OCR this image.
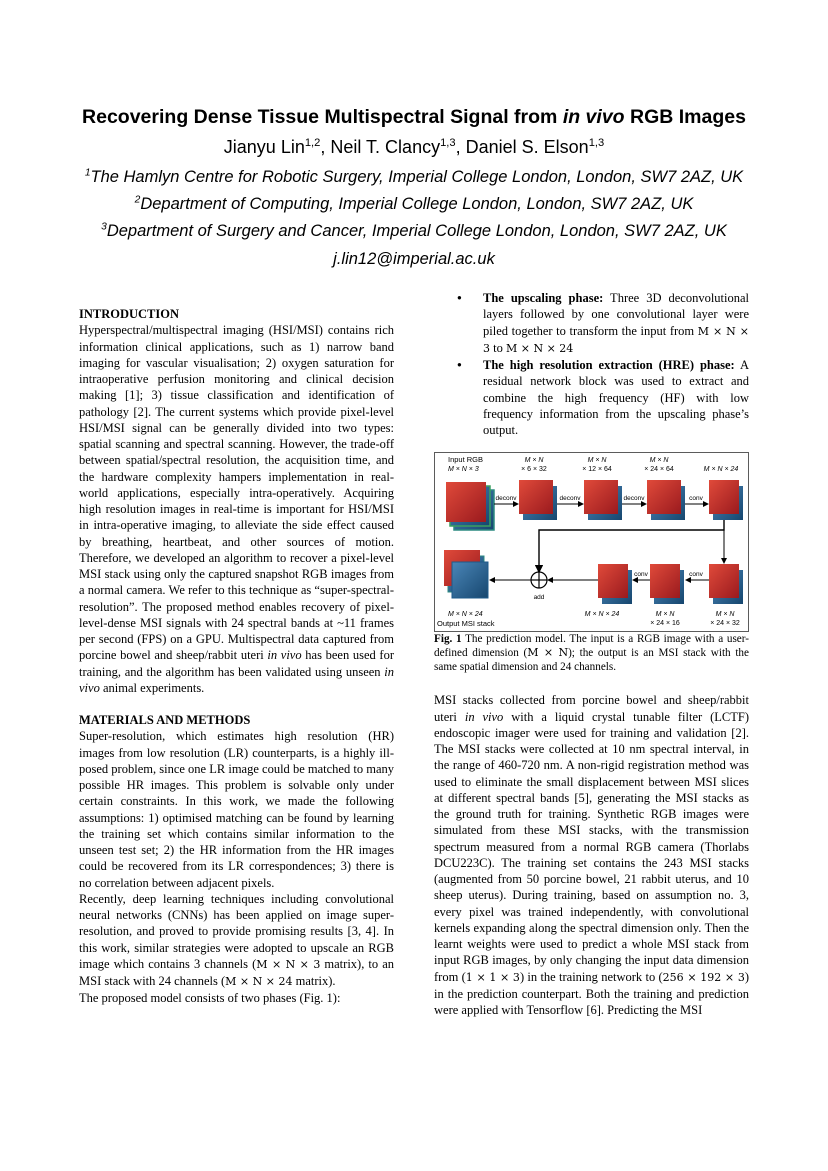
Recovering Dense Tissue Multispectral Signal from in vivo RGB Images
Jianyu Lin$^{1,2}$, Neil T. Clancy$^{1,3}$, Daniel S. Elson$^{1,3}$
$^1$The Hamlyn Centre for Robotic Surgery, Imperial College London, London, SW7 2AZ, UK
$^2$Department of Computing, Imperial College London, London, SW7 2AZ, UK
$^3$Department of Surgery and Cancer, Imperial College London, London, SW7 2AZ, UK
j.lin12@imperial.ac.uk
INTRODUCTION

Hyperspectral/multispectral imaging (HSI/MSI) contains rich information clinical applications, such as 1) narrow band imaging for vascular visualisation; 2) oxygen saturation for intraoperative perfusion monitoring and clinical decision making [1]; 3) tissue classification and identification of pathology [2]. The current systems which provide pixel-level HSI/MSI signal can be generally divided into two types: spatial scanning and spectral scanning. However, the trade-off between spatial/spectral resolution, the acquisition time, and the hardware complexity hampers implementation in real-world applications, especially intra-operatively. Acquiring high resolution images in real-time is important for HSI/MSI in intra-operative imaging, to alleviate the side effect caused by breathing, heartbeat, and other sources of motion. Therefore, we developed an algorithm to recover a pixel-level MSI stack using only the captured snapshot RGB images from a normal camera. We refer to this technique as “super-spectral-resolution”. The proposed method enables recovery of pixel-level-dense MSI signals with 24 spectral bands at ~11 frames per second (FPS) on a GPU. Multispectral data captured from porcine bowel and sheep/rabbit uteri in vivo has been used for training, and the algorithm has been validated using unseen in vivo animal experiments.

MATERIALS AND METHODS

Super-resolution, which estimates high resolution (HR) images from low resolution (LR) counterparts, is a highly ill-posed problem, since one LR image could be matched to many possible HR images. This problem is solvable only under certain constraints. In this work, we made the following assumptions: 1) optimised matching can be found by learning the training set which contains similar information to the unseen test set; 2) the HR information from the HR images could be recovered from its LR correspondences; 3) there is no correlation between adjacent pixels.

Recently, deep learning techniques including convolutional neural networks (CNNs) has been applied on image super-resolution, and proved to provide promising results [3, 4]. In this work, similar strategies were adopted to upscale an RGB image which contains 3 channels (M × N × 3 matrix), to an MSI stack with 24 channels (M × N × 24 matrix).

The proposed model consists of two phases (Fig. 1):

● The upscaling phase: Three 3D deconvolutional layers followed by one convolutional layer were piled together to transform the input from M × N × 3 to M × N × 24
● The high resolution extraction (HRE) phase: A residual network block was used to extract and combine the high frequency (HF) with low frequency information from the upscaling phase’s output.
Input RGB
M × N × 3
M × N
× 6 × 32
M × N
× 12 × 64
M × N
× 24 × 64	M × N × 24
deconv	deconv	deconv	conv
add
conv
conv
M × N × 24
Output MSI stack
M × N × 24	M × N
× 24 × 16
M × N
× 24 × 32

Fig. 1 The prediction model. The input is a RGB image with a user-defined dimension (M × N); the output is an MSI stack with the same spatial dimension and 24 channels.

MSI stacks collected from porcine bowel and sheep/rabbit uteri in vivo with a liquid crystal tunable filter (LCTF) endoscopic imager were used for training and validation [2]. The MSI stacks were collected at 10 nm spectral interval, in the range of 460-720 nm. A non-rigid registration method was used to eliminate the small displacement between MSI slices at different spectral bands [5], generating the MSI stacks as the ground truth for training. Synthetic RGB images were simulated from these MSI stacks, with the transmission spectrum measured from a normal RGB camera (Thorlabs DCU223C). The training set contains the 243 MSI stacks (augmented from 50 porcine bowel, 21 rabbit uterus, and 10 sheep uterus). During training, based on assumption no. 3, every pixel was trained independently, with convolutional kernels expanding along the spectral dimension only. Then the learnt weights were used to predict a whole MSI stack from input RGB images, by only changing the input data dimension from (1 × 1 × 3) in the training network to (256 × 192 × 3) in the prediction counterpart. Both the training and prediction were applied with Tensorflow [6]. Predicting the MSI
